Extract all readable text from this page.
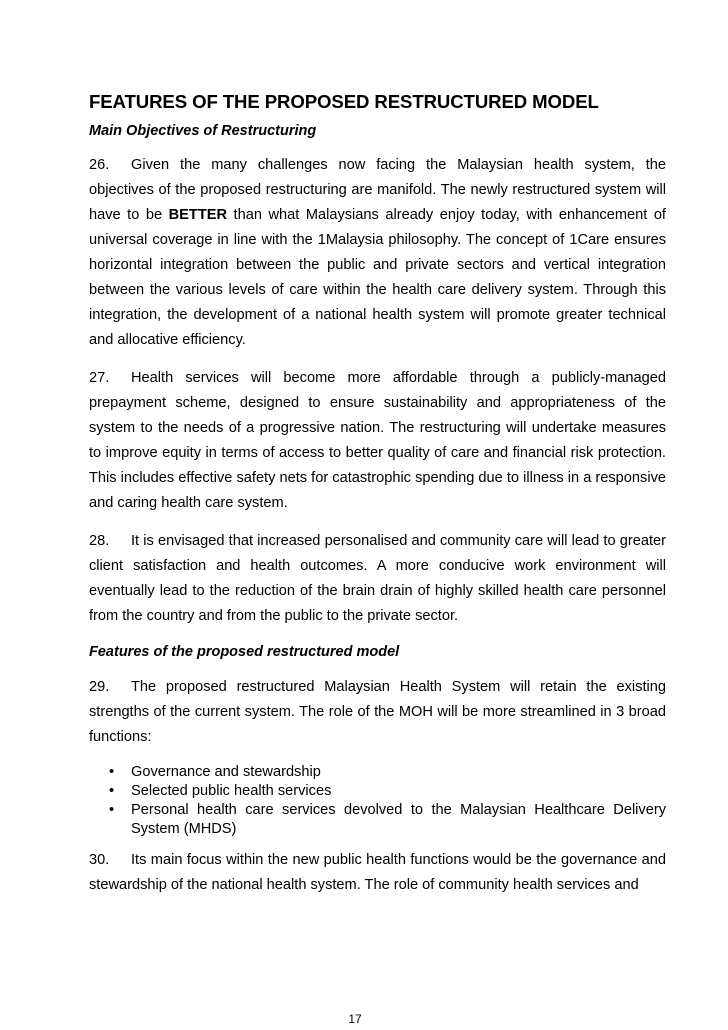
FEATURES OF THE PROPOSED RESTRUCTURED MODEL
Main Objectives of Restructuring

26. Given the many challenges now facing the Malaysian health system, the objectives of the proposed restructuring are manifold. The newly restructured system will have to be BETTER than what Malaysians already enjoy today, with enhancement of universal coverage in line with the 1Malaysia philosophy. The concept of 1Care ensures horizontal integration between the public and private sectors and vertical integration between the various levels of care within the health care delivery system. Through this integration, the development of a national health system will promote greater technical and allocative efficiency.

27. Health services will become more affordable through a publicly-managed prepayment scheme, designed to ensure sustainability and appropriateness of the system to the needs of a progressive nation. The restructuring will undertake measures to improve equity in terms of access to better quality of care and financial risk protection. This includes effective safety nets for catastrophic spending due to illness in a responsive and caring health care system.

28. It is envisaged that increased personalised and community care will lead to greater client satisfaction and health outcomes. A more conducive work environment will eventually lead to the reduction of the brain drain of highly skilled health care personnel from the country and from the public to the private sector.

Features of the proposed restructured model

29. The proposed restructured Malaysian Health System will retain the existing strengths of the current system. The role of the MOH will be more streamlined in 3 broad functions:

• Governance and stewardship
• Selected public health services
• Personal health care services devolved to the Malaysian Healthcare Delivery System (MHDS)

30. Its main focus within the new public health functions would be the governance and stewardship of the national health system. The role of community health services and

17
